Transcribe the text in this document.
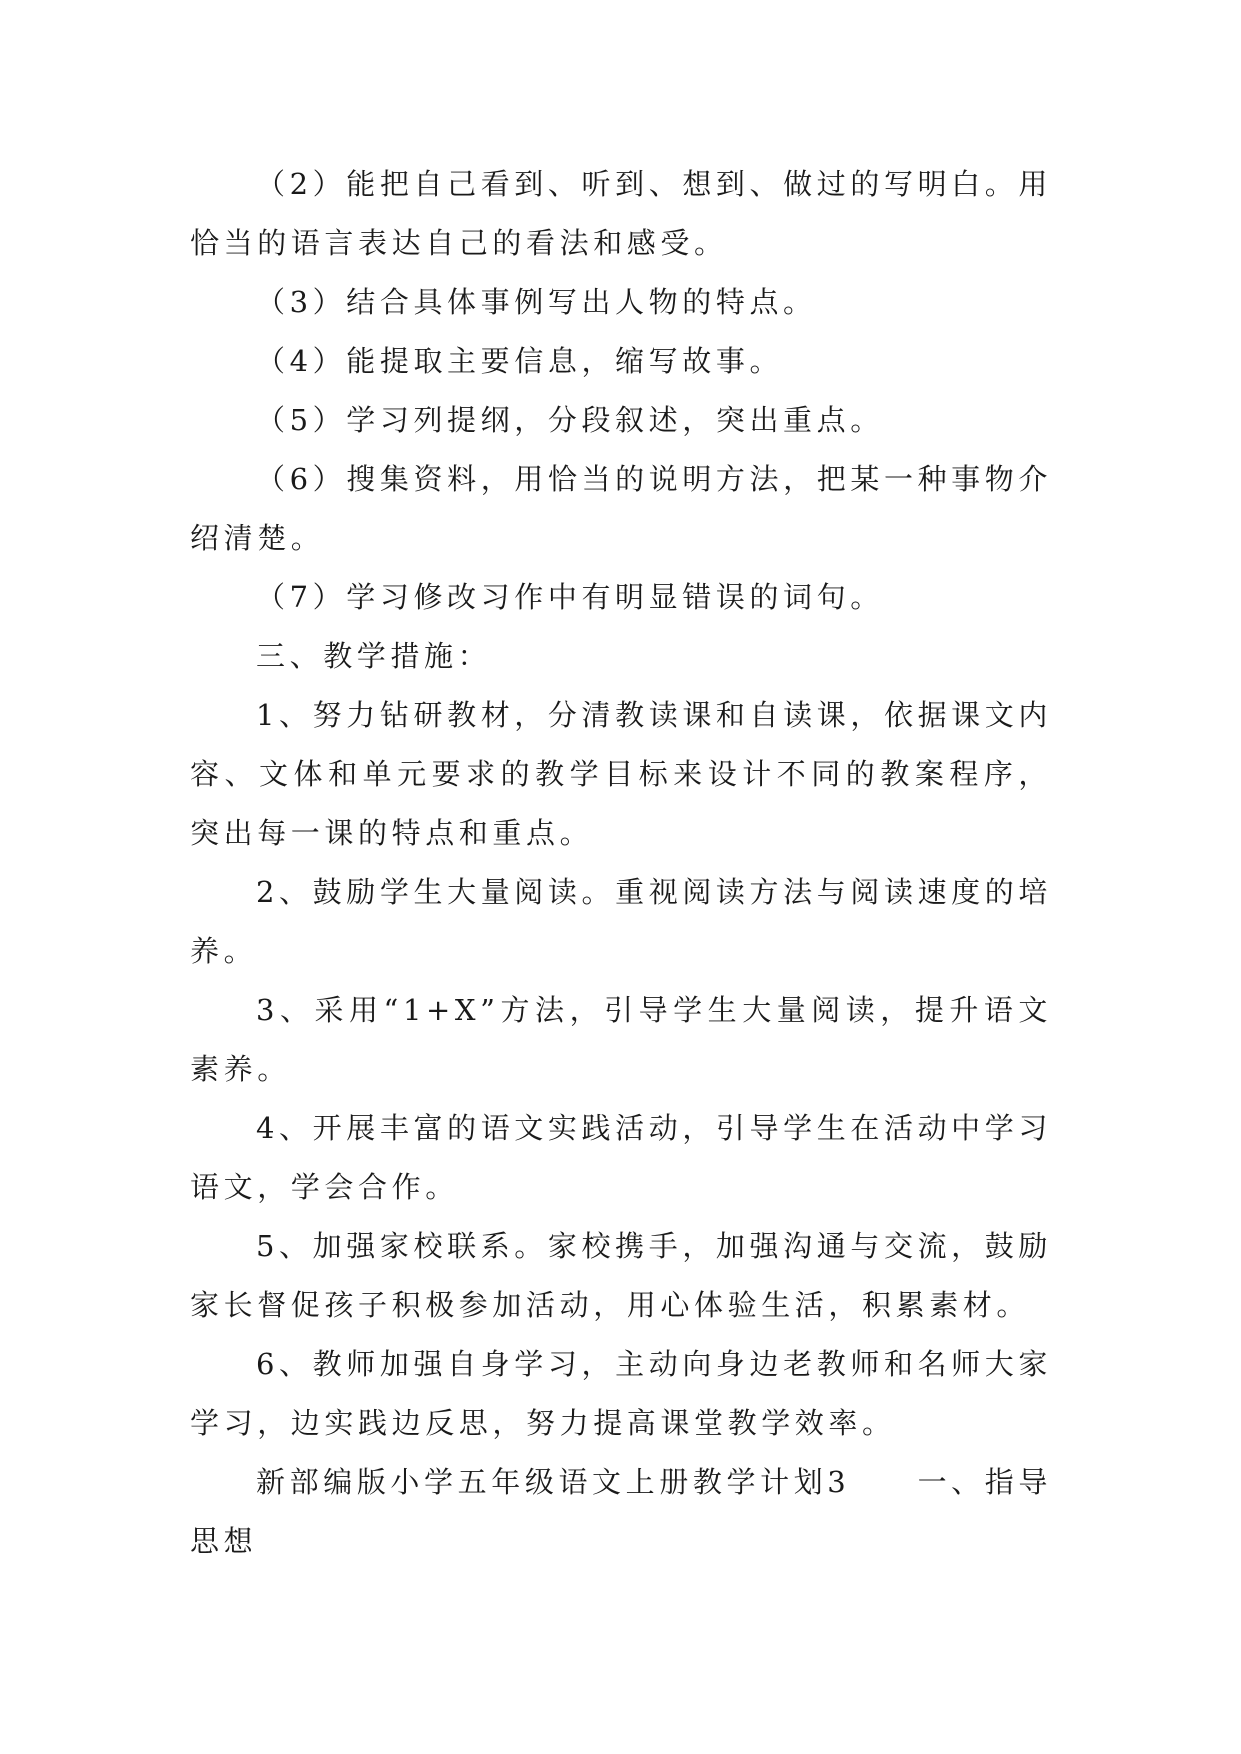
（2）能把自己看到、听到、想到、做过的写明白。用恰当的语言表达自己的看法和感受。

（3）结合具体事例写出人物的特点。

（4）能提取主要信息，缩写故事。

（5）学习列提纲，分段叙述，突出重点。

（6）搜集资料，用恰当的说明方法，把某一种事物介绍清楚。

（7）学习修改习作中有明显错误的词句。

三、教学措施：

1、努力钻研教材，分清教读课和自读课，依据课文内容、文体和单元要求的教学目标来设计不同的教案程序，突出每一课的特点和重点。

2、鼓励学生大量阅读。重视阅读方法与阅读速度的培养。

3、采用“1+X”方法，引导学生大量阅读，提升语文素养。

4、开展丰富的语文实践活动，引导学生在活动中学习语文，学会合作。

5、加强家校联系。家校携手，加强沟通与交流，鼓励家长督促孩子积极参加活动，用心体验生活，积累素材。

6、教师加强自身学习，主动向身边老教师和名师大家学习，边实践边反思，努力提高课堂教学效率。

新部编版小学五年级语文上册教学计划3　　一、指导思想
